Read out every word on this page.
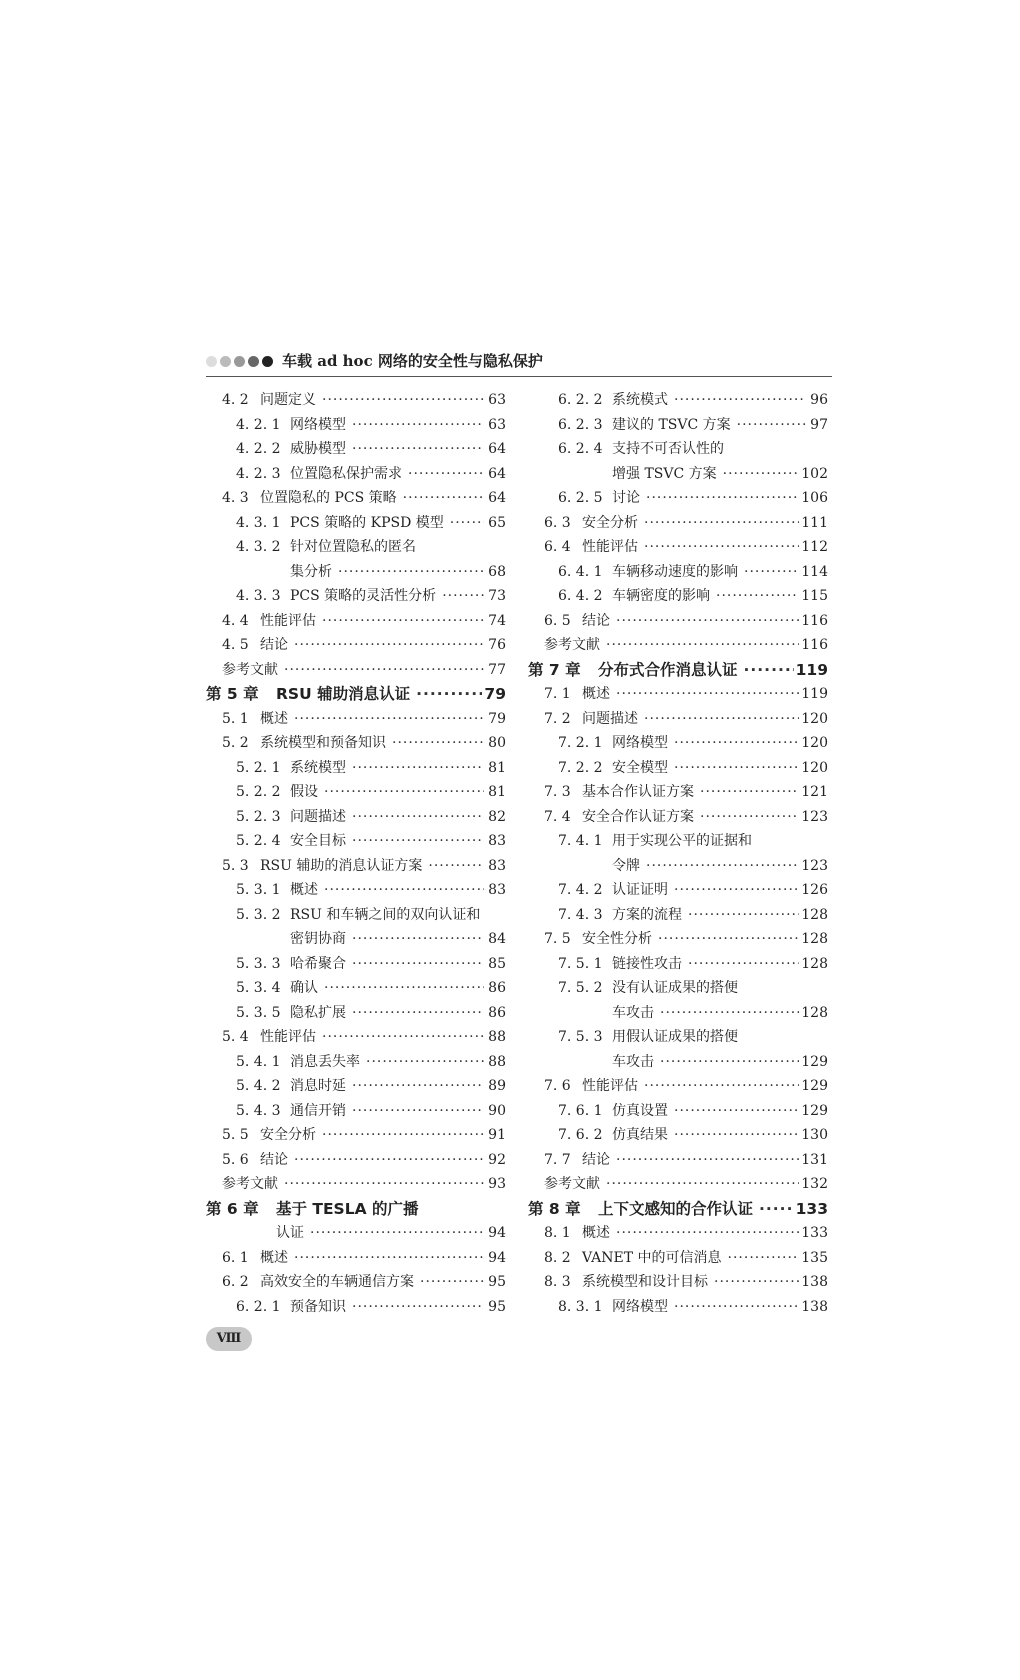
车载 ad hoc 网络的安全性与隐私保护
4. 2 问题定义 ·····	63
4. 2. 1 网络模型 ·····	63
4. 2. 2 威胁模型 ·····	64
4. 2. 3 位置隐私保护需求 ·····	64
4. 3 位置隐私的 PCS 策略 ·····	64
4. 3. 1 PCS 策略的 KPSD 模型 ·····	65
4. 3. 2 针对位置隐私的匿名
集分析 ·····	68
4. 3. 3 PCS 策略的灵活性分析 ·····	73
4. 4 性能评估 ·····	74
4. 5 结论 ·····	76
参考文献 ·····	77
第 5 章	RSU 辅助消息认证 ·····	79
5. 1 概述 ·····	79
5. 2 系统模型和预备知识 ·····	80
5. 2. 1 系统模型 ·····	81
5. 2. 2 假设 ·····	81
5. 2. 3 问题描述 ·····	82
5. 2. 4 安全目标 ·····	83
5. 3 RSU 辅助的消息认证方案 ·····	83
5. 3. 1 概述 ·····	83
5. 3. 2 RSU 和车辆之间的双向认证和
密钥协商 ·····	84
5. 3. 3 哈希聚合 ·····	85
5. 3. 4 确认 ·····	86
5. 3. 5 隐私扩展 ·····	86
5. 4 性能评估 ·····	88
5. 4. 1 消息丢失率 ·····	88
5. 4. 2 消息时延 ·····	89
5. 4. 3 通信开销 ·····	90
5. 5 安全分析 ·····	91
5. 6 结论 ·····	92
参考文献 ·····	93
第 6 章	基于 TESLA 的广播
认证 ·····	94
6. 1 概述 ·····	94
6. 2 高效安全的车辆通信方案 ·····	95
6. 2. 1 预备知识 ·····	95
6. 2. 2 系统模式 ·····	96
6. 2. 3 建议的 TSVC 方案 ·····	97
6. 2. 4 支持不可否认性的
增强 TSVC 方案 ·····	102
6. 2. 5 讨论 ·····	106
6. 3 安全分析 ·····	111
6. 4 性能评估 ·····	112
6. 4. 1 车辆移动速度的影响 ·····	114
6. 4. 2 车辆密度的影响 ·····	115
6. 5 结论 ·····	116
参考文献 ·····	116
第 7 章	分布式合作消息认证 ·····	119
7. 1 概述 ·····	119
7. 2 问题描述 ·····	120
7. 2. 1 网络模型 ·····	120
7. 2. 2 安全模型 ·····	120
7. 3 基本合作认证方案 ·····	121
7. 4 安全合作认证方案 ·····	123
7. 4. 1 用于实现公平的证据和
令牌 ·····	123
7. 4. 2 认证证明 ·····	126
7. 4. 3 方案的流程 ·····	128
7. 5 安全性分析 ·····	128
7. 5. 1 链接性攻击 ·····	128
7. 5. 2 没有认证成果的搭便
车攻击 ·····	128
7. 5. 3 用假认证成果的搭便
车攻击 ·····	129
7. 6 性能评估 ·····	129
7. 6. 1 仿真设置 ·····	129
7. 6. 2 仿真结果 ·····	130
7. 7 结论 ·····	131
参考文献 ·····	132
第 8 章	上下文感知的合作认证 ·····	133
8. 1 概述 ·····	133
8. 2 VANET 中的可信消息 ·····	135
8. 3 系统模型和设计目标 ·····	138
8. 3. 1 网络模型 ·····	138
Ⅷ
